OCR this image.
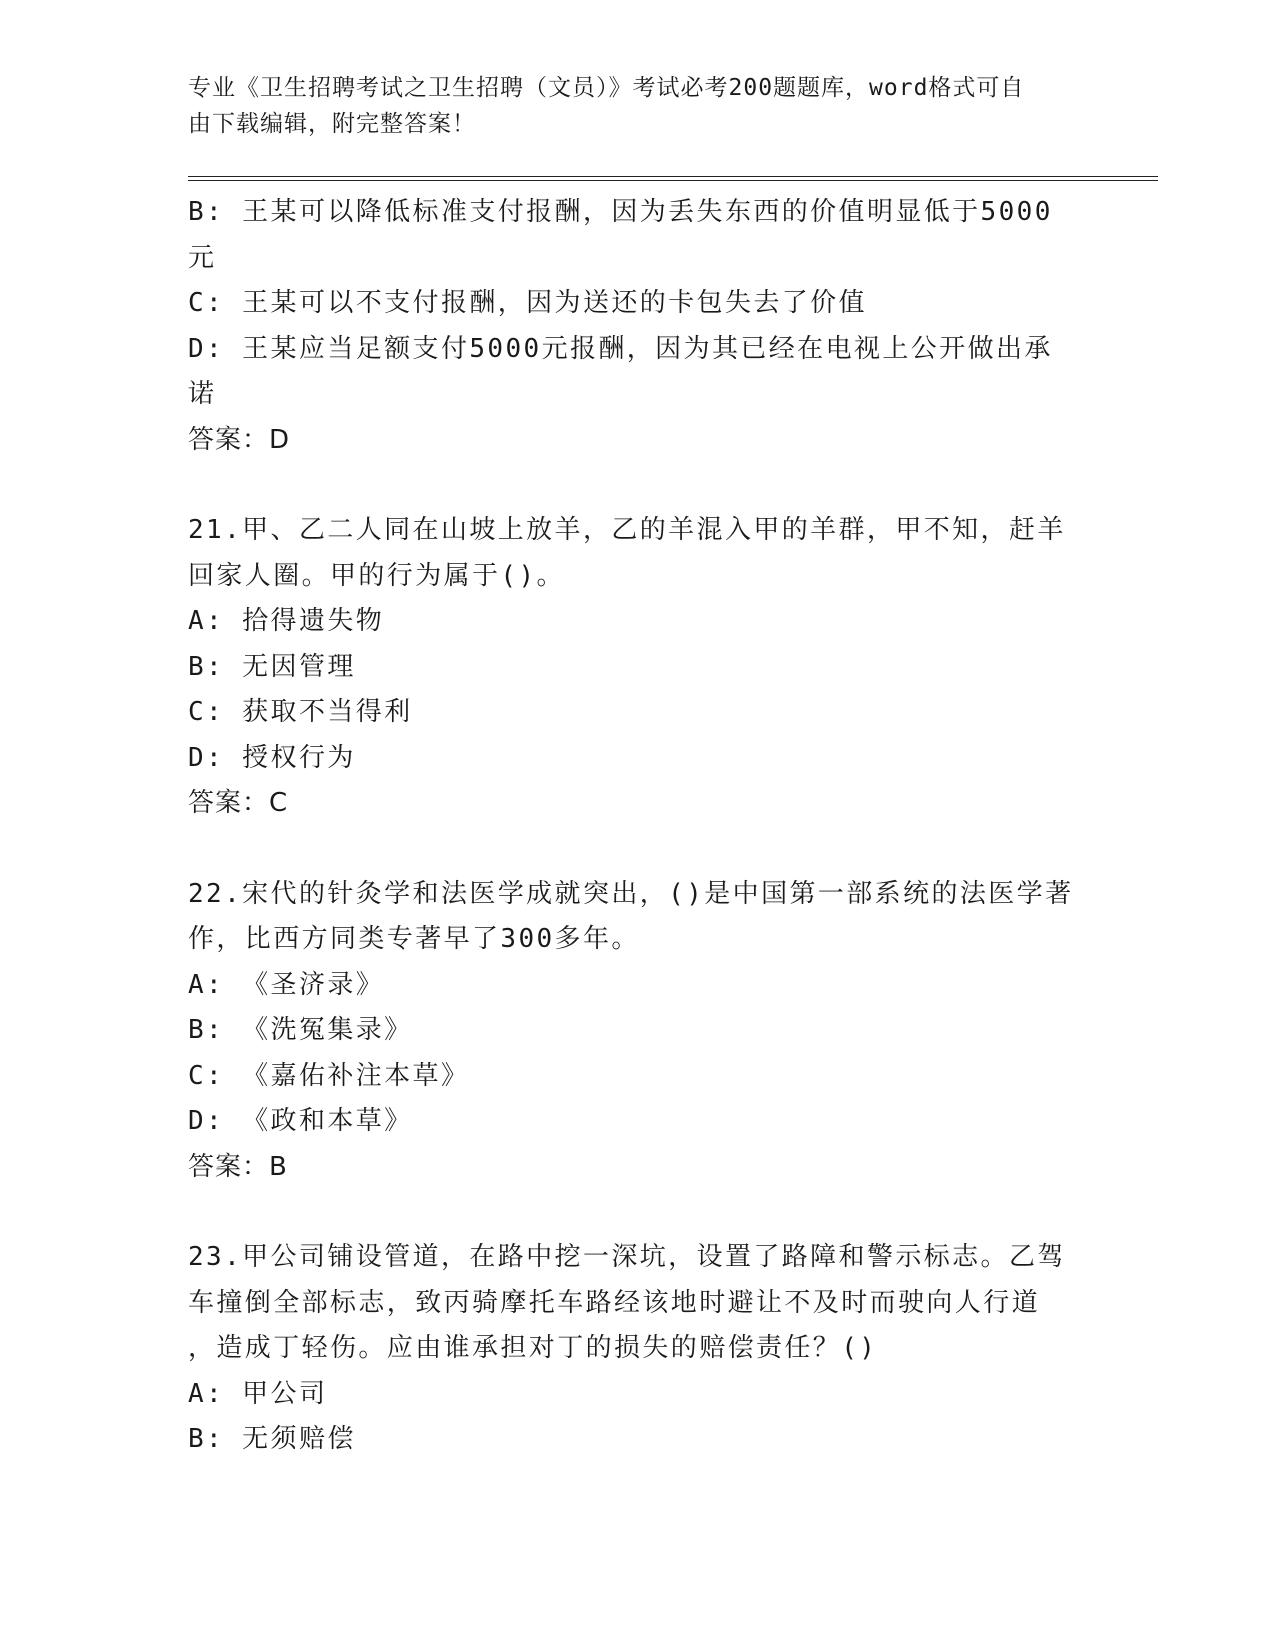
专业《卫生招聘考试之卫生招聘（文员）》考试必考200题题库，word格式可自
由下载编辑，附完整答案！

B: 王某可以降低标准支付报酬，因为丢失东西的价值明显低于5000

元

C: 王某可以不支付报酬，因为送还的卡包失去了价值

D: 王某应当足额支付5000元报酬，因为其已经在电视上公开做出承

诺

答案：D

21.甲、乙二人同在山坡上放羊，乙的羊混入甲的羊群，甲不知，赶羊

回家人圈。甲的行为属于()。

A: 拾得遗失物

B: 无因管理

C: 获取不当得利

D: 授权行为

答案：C

22.宋代的针灸学和法医学成就突出，()是中国第一部系统的法医学著

作，比西方同类专著早了300多年。

A: 《圣济录》

B: 《洗冤集录》

C: 《嘉佑补注本草》

D: 《政和本草》

答案：B

23.甲公司铺设管道，在路中挖一深坑，设置了路障和警示标志。乙驾

车撞倒全部标志，致丙骑摩托车路经该地时避让不及时而驶向人行道

，造成丁轻伤。应由谁承担对丁的损失的赔偿责任？()

A: 甲公司

B: 无须赔偿
